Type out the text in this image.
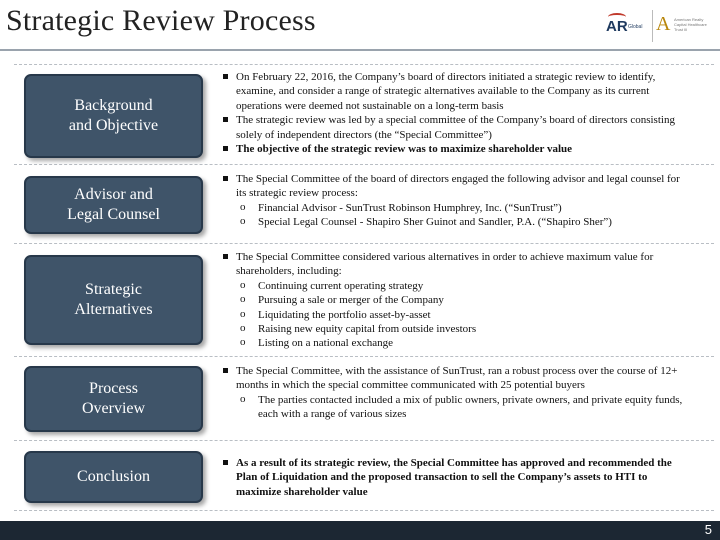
Strategic Review Process	AR Global A American Realty Capital Healthcare Trust III
Background
and Objective

On February 22, 2016, the Company’s board of directors initiated a strategic review to identify, examine, and consider a range of strategic alternatives available to the Company as its current operations were deemed not sustainable on a long-term basis

The strategic review was led by a special committee of the Company’s board of directors consisting solely of independent directors (the “Special Committee”)

The objective of the strategic review was to maximize shareholder value

Advisor and
Legal Counsel

The Special Committee of the board of directors engaged the following advisor and legal counsel for its strategic review process:

o Financial Advisor - SunTrust Robinson Humphrey, Inc. (“SunTrust”)

o Special Legal Counsel - Shapiro Sher Guinot and Sandler, P.A. (“Shapiro Sher”)

Strategic
Alternatives

The Special Committee considered various alternatives in order to achieve maximum value for shareholders, including:

o Continuing current operating strategy

o Pursuing a sale or merger of the Company

o Liquidating the portfolio asset-by-asset

o Raising new equity capital from outside investors

o Listing on a national exchange

Process
Overview

The Special Committee, with the assistance of SunTrust, ran a robust process over the course of 12+ months in which the special committee communicated with 25 potential buyers

o The parties contacted included a mix of public owners, private owners, and private equity funds, each with a range of various sizes

Conclusion

As a result of its strategic review, the Special Committee has approved and recommended the Plan of Liquidation and the proposed transaction to sell the Company’s assets to HTI to maximize shareholder value

5
